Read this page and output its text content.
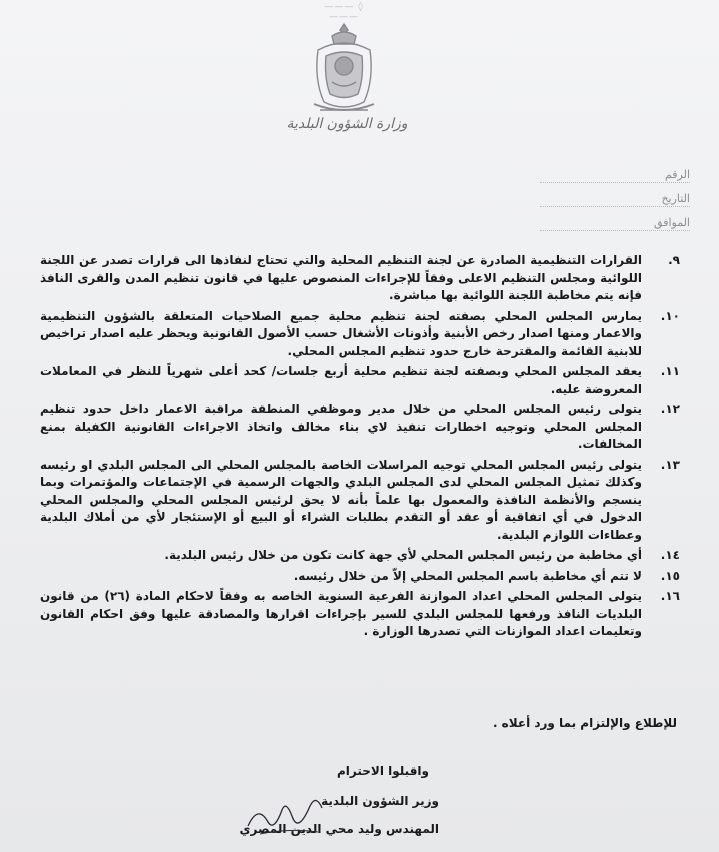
——— ◊ ———
وزارة الشؤون البلدية
الرقم
التاريخ
الموافق
٩.
القرارات التنظيمية الصادرة عن لجنة التنظيم المحلية والتي تحتاج لنفاذها الى قرارات تصدر عن اللجنة اللوائية ومجلس التنظيم الاعلى وفقاً للإجراءات المنصوص عليها في قانون تنظيم المدن والقرى النافذ فإنه يتم مخاطبة اللجنة اللوائية بها مباشرة.
١٠.
يمارس المجلس المحلي بصفته لجنة تنظيم محلية جميع الصلاحيات المتعلقة بالشؤون التنظيمية والاعمار ومنها اصدار رخص الأبنية وأذونات الأشغال حسب الأصول القانونية ويحظر عليه اصدار تراخيص للابنية القائمة والمقترحة خارج حدود تنظيم المجلس المحلي.
١١.
يعقد المجلس المحلي وبصفته لجنة تنظيم محلية أربع جلسات/ كحد أعلى شهرياً للنظر في المعاملات المعروضة عليه.
١٢.
يتولى رئيس المجلس المحلي من خلال مدير وموظفي المنطقة مراقبة الاعمار داخل حدود تنظيم المجلس المحلي وتوجيه اخطارات تنفيذ لاي بناء مخالف واتخاذ الاجراءات القانونية الكفيلة بمنع المخالفات.
١٣.
يتولى رئيس المجلس المحلي توجيه المراسلات الخاصة بالمجلس المحلي الى المجلس البلدي او رئيسه وكذلك تمثيل المجلس المحلي لدى المجلس البلدي والجهات الرسمية في الإجتماعات والمؤتمرات وبما ينسجم والأنظمة النافذة والمعمول بها علماً بأنه لا يحق لرئيس المجلس المحلي والمجلس المحلي الدخول في أي اتفاقية أو عقد أو التقدم بطلبات الشراء أو البيع أو الإستئجار لأي من أملاك البلدية وعطاءات اللوازم البلدية.
١٤.
أي مخاطبة من رئيس المجلس المحلي لأي جهة كانت تكون من خلال رئيس البلدية.
١٥.
لا تتم أي مخاطبة باسم المجلس المحلي إلاّ من خلال رئيسه.
١٦.
يتولى المجلس المحلي اعداد الموازنة الفرعية السنوية الخاصه به وفقاً لاحكام المادة (٢٦) من قانون البلديات النافذ ورفعها للمجلس البلدي للسير بإجراءات اقرارها والمصادقة عليها وفق احكام القانون وتعليمات اعداد الموازنات التي تصدرها الوزارة .
للإطلاع والإلتزام بما ورد أعلاه .
واقبلوا الاحترام
وزير الشؤون البلدية
المهندس وليد محي الدين المصري
